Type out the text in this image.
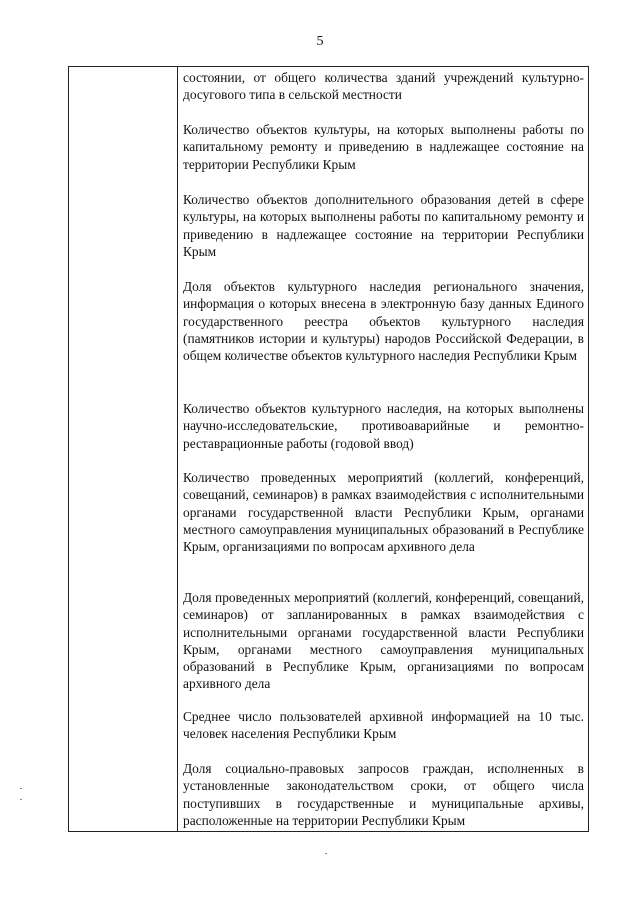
5

состоянии, от общего количества зданий учреждений культурно-досугового типа в сельской местности

Количество объектов культуры, на которых выполнены работы по капитальному ремонту и приведению в надлежащее состояние на территории Республики Крым

Количество объектов дополнительного образования детей в сфере культуры, на которых выполнены работы по капитальному ремонту и приведению в надлежащее состояние на территории Республики Крым

Доля объектов культурного наследия регионального значения, информация о которых внесена в электронную базу данных Единого государственного реестра объектов культурного наследия (памятников истории и культуры) народов Российской Федерации, в общем количестве объектов культурного наследия Республики Крым

Количество объектов культурного наследия, на которых выполнены научно-исследовательские, противоаварийные и ремонтно-реставрационные работы (годовой ввод)

Количество проведенных мероприятий (коллегий, конференций, совещаний, семинаров) в рамках взаимодействия с исполнительными органами государственной власти Республики Крым, органами местного самоуправления муниципальных образований в Республике Крым, организациями по вопросам архивного дела

Доля проведенных мероприятий (коллегий, конференций, совещаний, семинаров) от запланированных в рамках взаимодействия с исполнительными органами государственной власти Республики Крым, органами местного самоуправления муниципальных образований в Республике Крым, организациями по вопросам архивного дела

Среднее число пользователей архивной информацией на 10 тыс. человек населения Республики Крым

Доля социально-правовых запросов граждан, исполненных в установленные законодательством сроки, от общего числа поступивших в государственные и муниципальные архивы, расположенные на территории Республики Крым
